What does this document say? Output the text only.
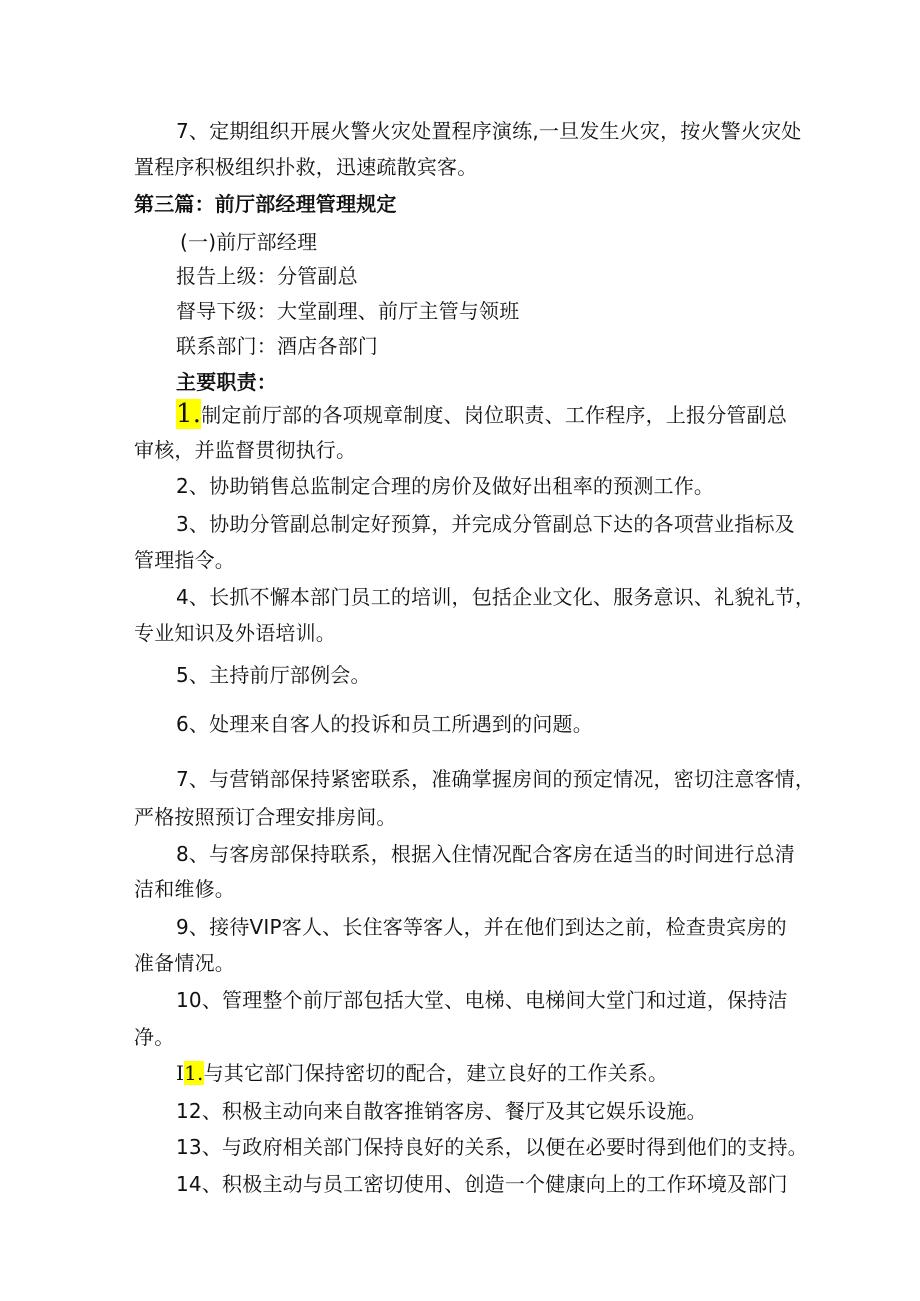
7、定期组织开展火警火灾处置程序演练,一旦发生火灾，按火警火灾处
置程序积极组织扑救，迅速疏散宾客。
第三篇：前厅部经理管理规定
(一)前厅部经理
报告上级：分管副总
督导下级：大堂副理、前厅主管与领班
联系部门：酒店各部门
主要职责：
1.制定前厅部的各项规章制度、岗位职责、工作程序，上报分管副总
审核，并监督贯彻执行。
2、协助销售总监制定合理的房价及做好出租率的预测工作。
3、协助分管副总制定好预算，并完成分管副总下达的各项营业指标及
管理指令。
4、长抓不懈本部门员工的培训，包括企业文化、服务意识、礼貌礼节，
专业知识及外语培训。
5、主持前厅部例会。
6、处理来自客人的投诉和员工所遇到的问题。
7、与营销部保持紧密联系，准确掌握房间的预定情况，密切注意客情，
严格按照预订合理安排房间。
8、与客房部保持联系，根据入住情况配合客房在适当的时间进行总清
洁和维修。
9、接待VIP客人、长住客等客人，并在他们到达之前，检查贵宾房的
准备情况。
10、管理整个前厅部包括大堂、电梯、电梯间大堂门和过道，保持洁
净。
I1.与其它部门保持密切的配合，建立良好的工作关系。
12、积极主动向来自散客推销客房、餐厅及其它娱乐设施。
13、与政府相关部门保持良好的关系，以便在必要时得到他们的支持。
14、积极主动与员工密切使用、创造一个健康向上的工作环境及部门
